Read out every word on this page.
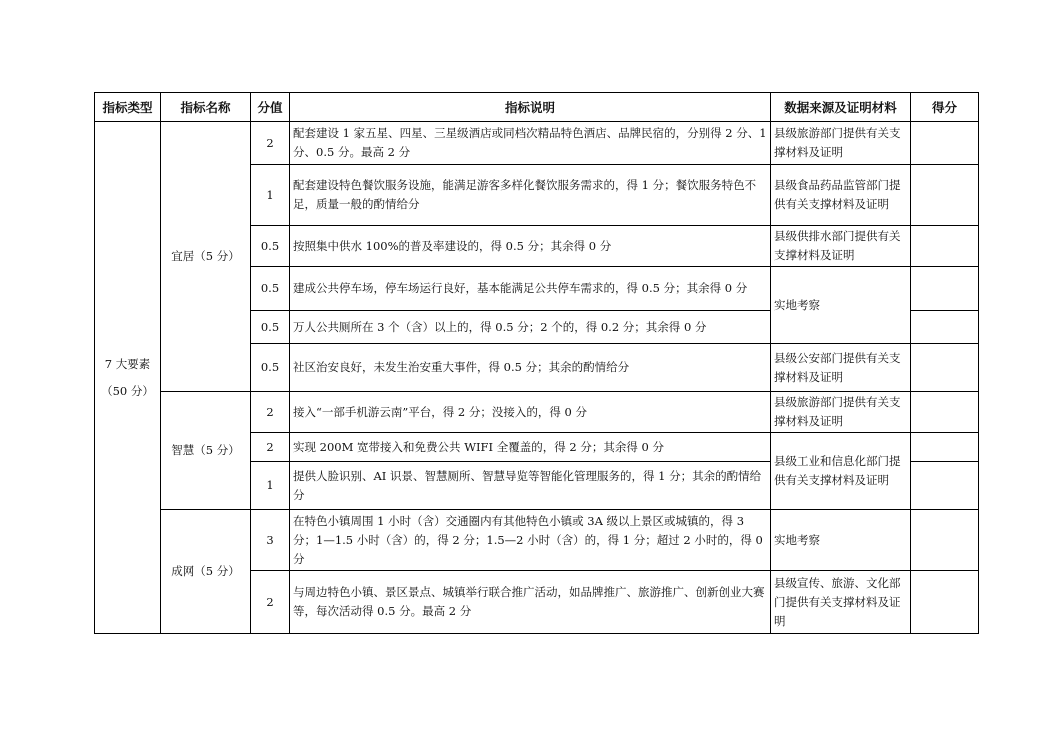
指标类型	指标名称	分值	指标说明	数据来源及证明材料	得分

7 大要素
（50 分）	宜居（5 分）	2	配套建设 1 家五星、四星、三星级酒店或同档次精品特色酒店、品牌民宿的，分别得 2 分、1 分、0.5 分。最高 2 分	县级旅游部门提供有关支撑材料及证明	
		1	配套建设特色餐饮服务设施，能满足游客多样化餐饮服务需求的，得 1 分；餐饮服务特色不足，质量一般的酌情给分	县级食品药品监管部门提供有关支撑材料及证明	
		0.5	按照集中供水 100%的普及率建设的，得 0.5 分；其余得 0 分	县级供排水部门提供有关支撑材料及证明	
		0.5	建成公共停车场，停车场运行良好，基本能满足公共停车需求的，得 0.5 分；其余得 0 分	实地考察	
		0.5	万人公共厕所在 3 个（含）以上的，得 0.5 分；2 个的，得 0.2 分；其余得 0 分		
		0.5	社区治安良好，未发生治安重大事件，得 0.5 分；其余的酌情给分	县级公安部门提供有关支撑材料及证明	
	智慧（5 分）	2	接入“一部手机游云南”平台，得 2 分；没接入的，得 0 分	县级旅游部门提供有关支撑材料及证明	
		2	实现 200M 宽带接入和免费公共 WIFI 全覆盖的，得 2 分；其余得 0 分	县级工业和信息化部门提供有关支撑材料及证明	
		1	提供人脸识别、AI 识景、智慧厕所、智慧导览等智能化管理服务的，得 1 分；其余的酌情给分		
	成网（5 分）	3	在特色小镇周围 1 小时（含）交通圈内有其他特色小镇或 3A 级以上景区或城镇的，得 3 分；1—1.5 小时（含）的，得 2 分；1.5—2 小时（含）的，得 1 分；超过 2 小时的，得 0 分	实地考察	
		2	与周边特色小镇、景区景点、城镇举行联合推广活动，如品牌推广、旅游推广、创新创业大赛等，每次活动得 0.5 分。最高 2 分	县级宣传、旅游、文化部门提供有关支撑材料及证明	
